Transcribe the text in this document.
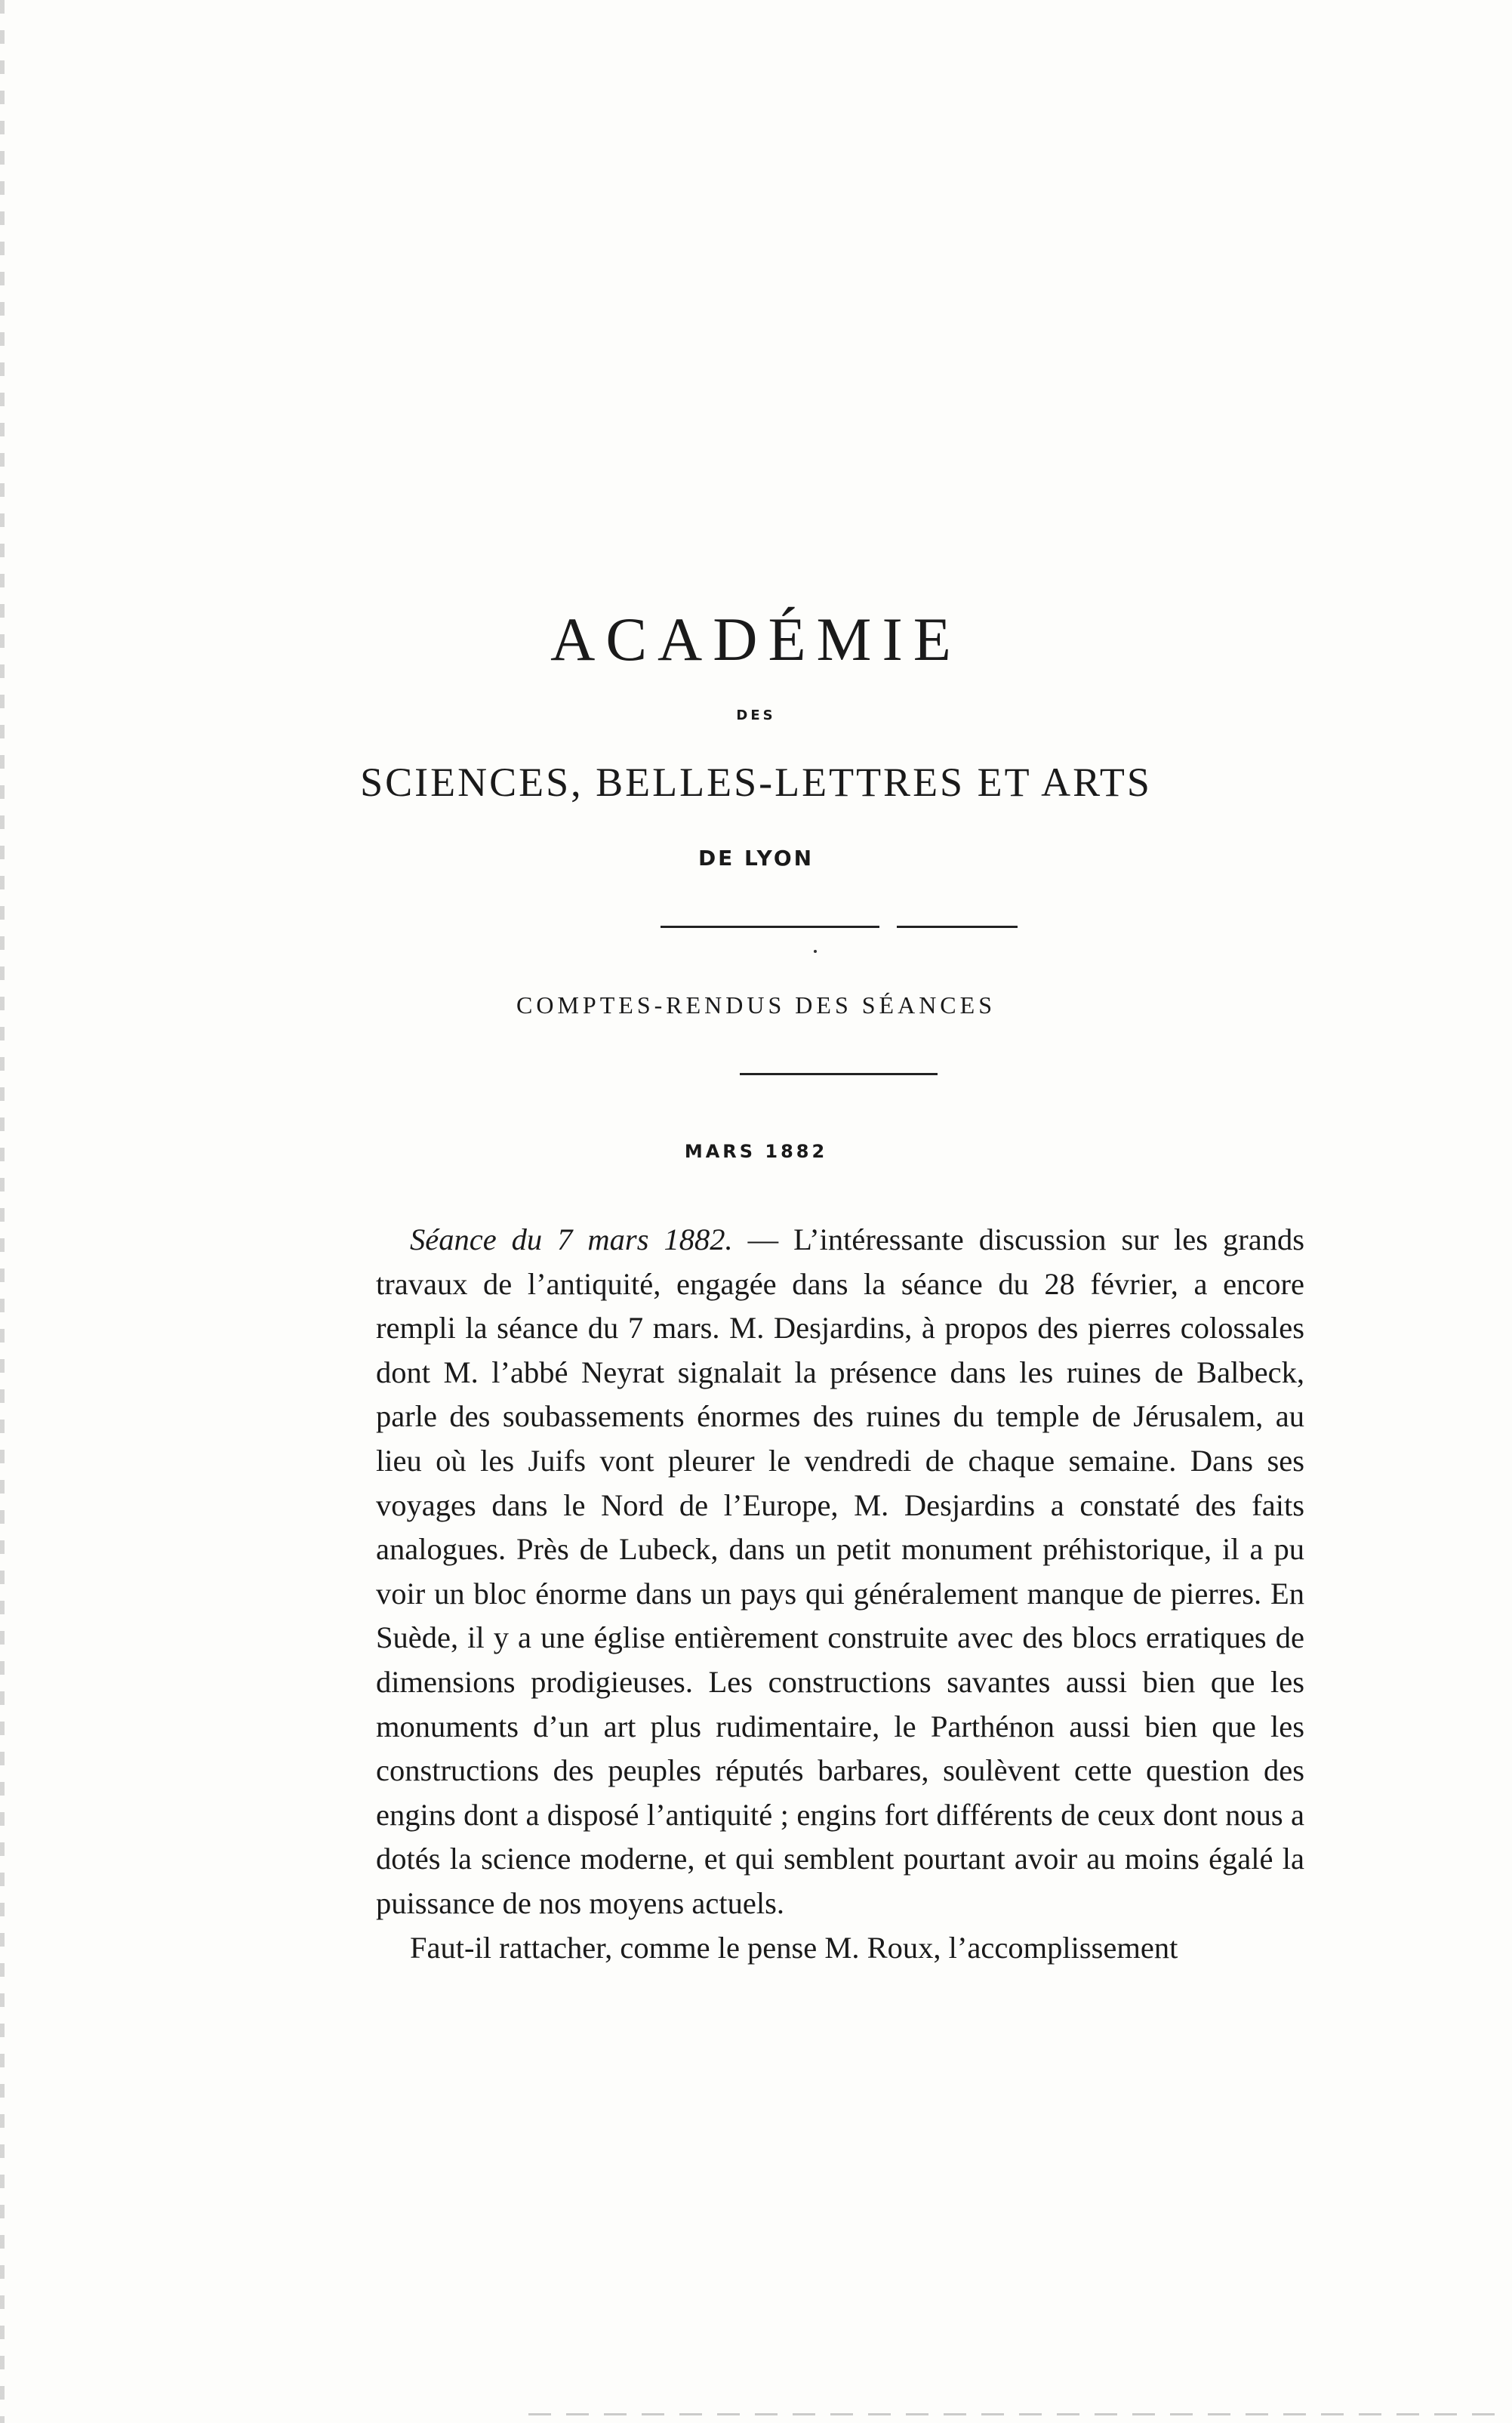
ACADÉMIE
DES
SCIENCES, BELLES-LETTRES ET ARTS
DE LYON
COMPTES-RENDUS DES SÉANCES
MARS 1882

Séance du 7 mars 1882. — L’intéressante discussion sur les grands travaux de l’antiquité, engagée dans la séance du 28 février, a encore rempli la séance du 7 mars. M. Desjardins, à propos des pierres colossales dont M. l’abbé Neyrat signalait la présence dans les ruines de Balbeck, parle des soubassements énormes des ruines du temple de Jérusalem, au lieu où les Juifs vont pleurer le vendredi de chaque semaine. Dans ses voyages dans le Nord de l’Europe, M. Desjardins a constaté des faits analogues. Près de Lubeck, dans un petit monument préhistorique, il a pu voir un bloc énorme dans un pays qui généralement manque de pierres. En Suède, il y a une église entièrement construite avec des blocs erratiques de dimensions prodigieuses. Les constructions savantes aussi bien que les monuments d’un art plus rudimentaire, le Parthénon aussi bien que les constructions des peuples réputés barbares, soulèvent cette question des engins dont a disposé l’antiquité ; engins fort différents de ceux dont nous a dotés la science moderne, et qui semblent pourtant avoir au moins égalé la puissance de nos moyens actuels.

Faut-il rattacher, comme le pense M. Roux, l’accomplissement
